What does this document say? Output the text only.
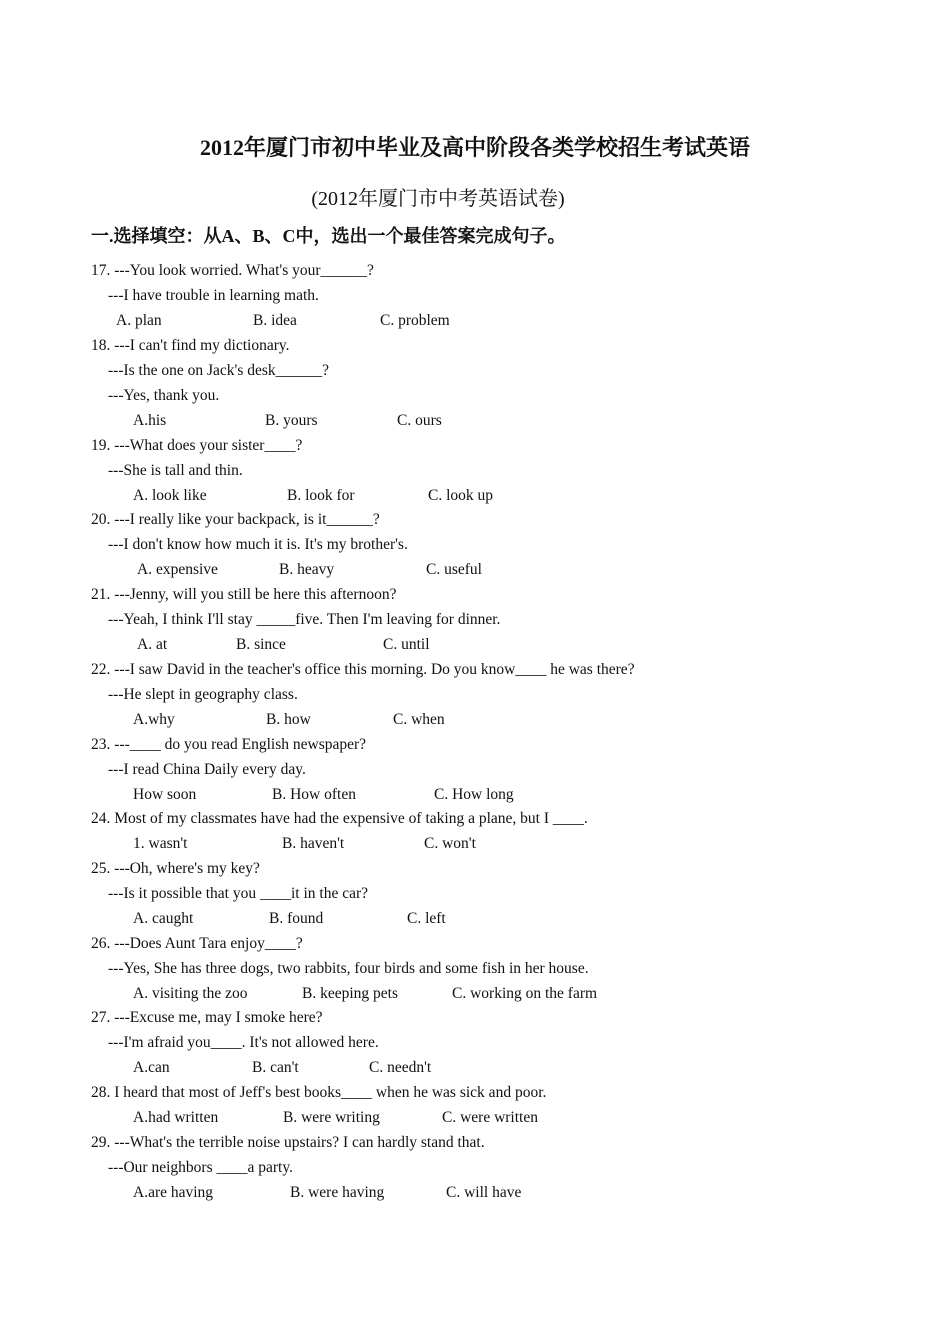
2012年厦门市初中毕业及高中阶段各类学校招生考试英语
(2012年厦门市中考英语试卷)
一.选择填空：从A、B、C中，选出一个最佳答案完成句子。
17. ---You look worried. What's your______?
---I have trouble in learning math.
A. plan	B. idea	C. problem
18. ---I can't find my dictionary.
---Is the one on Jack's desk______?
---Yes, thank you.
A.his	B. yours	C. ours
19. ---What does your sister____?
---She is tall and thin.
A. look like	B. look for	C. look up
20. ---I really like your backpack, is it______?
---I don't know how much it is. It's my brother's.
A. expensive	B. heavy	C. useful
21. ---Jenny, will you still be here this afternoon?
---Yeah, I think I'll stay _____five. Then I'm leaving for dinner.
A. at	B. since	C. until
22. ---I saw David in the teacher's office this morning. Do you know____ he was there?
---He slept in geography class.
A.why	B. how	C. when
23. ---____ do you read English newspaper?
---I read China Daily every day.
How soon	B. How often	C. How long
24. Most of my classmates have had the expensive of taking a plane, but I ____.
1. wasn't	B. haven't	C. won't
25. ---Oh, where's my key?
---Is it possible that you ____it in the car?
A. caught	B. found	C. left
26. ---Does Aunt Tara enjoy____?
---Yes, She has three dogs, two rabbits, four birds and some fish in her house.
A. visiting the zoo	B. keeping pets	C. working on the farm
27. ---Excuse me, may I smoke here?
---I'm afraid you____. It's not allowed here.
A.can	B. can't	C. needn't
28. I heard that most of Jeff's best books____ when he was sick and poor.
A.had written	B. were writing	C. were written
29. ---What's the terrible noise upstairs? I can hardly stand that.
---Our neighbors ____a party.
A.are having	B. were having	C. will have
